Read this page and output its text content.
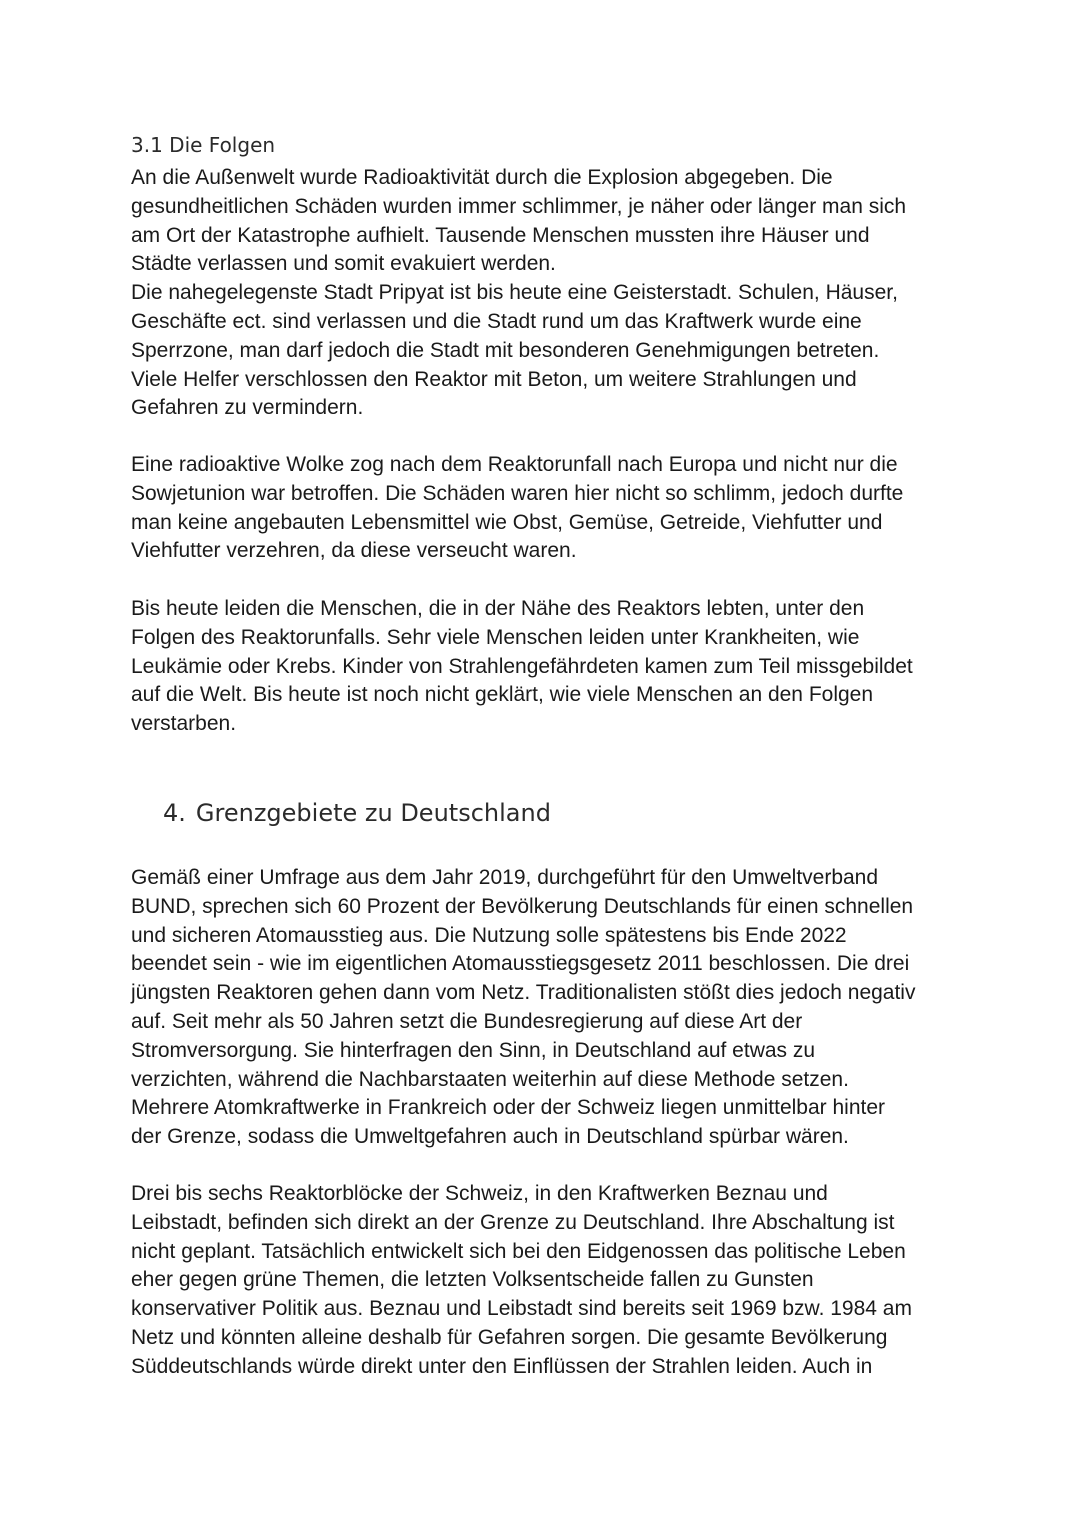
3.1 Die Folgen

An die Außenwelt wurde Radioaktivität durch die Explosion abgegeben. Die
gesundheitlichen Schäden wurden immer schlimmer, je näher oder länger man sich
am Ort der Katastrophe aufhielt. Tausende Menschen mussten ihre Häuser und
Städte verlassen und somit evakuiert werden.
Die nahegelegenste Stadt Pripyat ist bis heute eine Geisterstadt. Schulen, Häuser,
Geschäfte ect. sind verlassen und die Stadt rund um das Kraftwerk wurde eine
Sperrzone, man darf jedoch die Stadt mit besonderen Genehmigungen betreten.
Viele Helfer verschlossen den Reaktor mit Beton, um weitere Strahlungen und
Gefahren zu vermindern.

Eine radioaktive Wolke zog nach dem Reaktorunfall nach Europa und nicht nur die
Sowjetunion war betroffen. Die Schäden waren hier nicht so schlimm, jedoch durfte
man keine angebauten Lebensmittel wie Obst, Gemüse, Getreide, Viehfutter und
Viehfutter verzehren, da diese verseucht waren.

Bis heute leiden die Menschen, die in der Nähe des Reaktors lebten, unter den
Folgen des Reaktorunfalls. Sehr viele Menschen leiden unter Krankheiten, wie
Leukämie oder Krebs. Kinder von Strahlengefährdeten kamen zum Teil missgebildet
auf die Welt. Bis heute ist noch nicht geklärt, wie viele Menschen an den Folgen
verstarben.

4. Grenzgebiete zu Deutschland

Gemäß einer Umfrage aus dem Jahr 2019, durchgeführt für den Umweltverband
BUND, sprechen sich 60 Prozent der Bevölkerung Deutschlands für einen schnellen
und sicheren Atomausstieg aus. Die Nutzung solle spätestens bis Ende 2022
beendet sein - wie im eigentlichen Atomausstiegsgesetz 2011 beschlossen. Die drei
jüngsten Reaktoren gehen dann vom Netz. Traditionalisten stößt dies jedoch negativ
auf. Seit mehr als 50 Jahren setzt die Bundesregierung auf diese Art der
Stromversorgung. Sie hinterfragen den Sinn, in Deutschland auf etwas zu
verzichten, während die Nachbarstaaten weiterhin auf diese Methode setzen.
Mehrere Atomkraftwerke in Frankreich oder der Schweiz liegen unmittelbar hinter
der Grenze, sodass die Umweltgefahren auch in Deutschland spürbar wären.

Drei bis sechs Reaktorblöcke der Schweiz, in den Kraftwerken Beznau und
Leibstadt, befinden sich direkt an der Grenze zu Deutschland. Ihre Abschaltung ist
nicht geplant. Tatsächlich entwickelt sich bei den Eidgenossen das politische Leben
eher gegen grüne Themen, die letzten Volksentscheide fallen zu Gunsten
konservativer Politik aus. Beznau und Leibstadt sind bereits seit 1969 bzw. 1984 am
Netz und könnten alleine deshalb für Gefahren sorgen. Die gesamte Bevölkerung
Süddeutschlands würde direkt unter den Einflüssen der Strahlen leiden. Auch in
